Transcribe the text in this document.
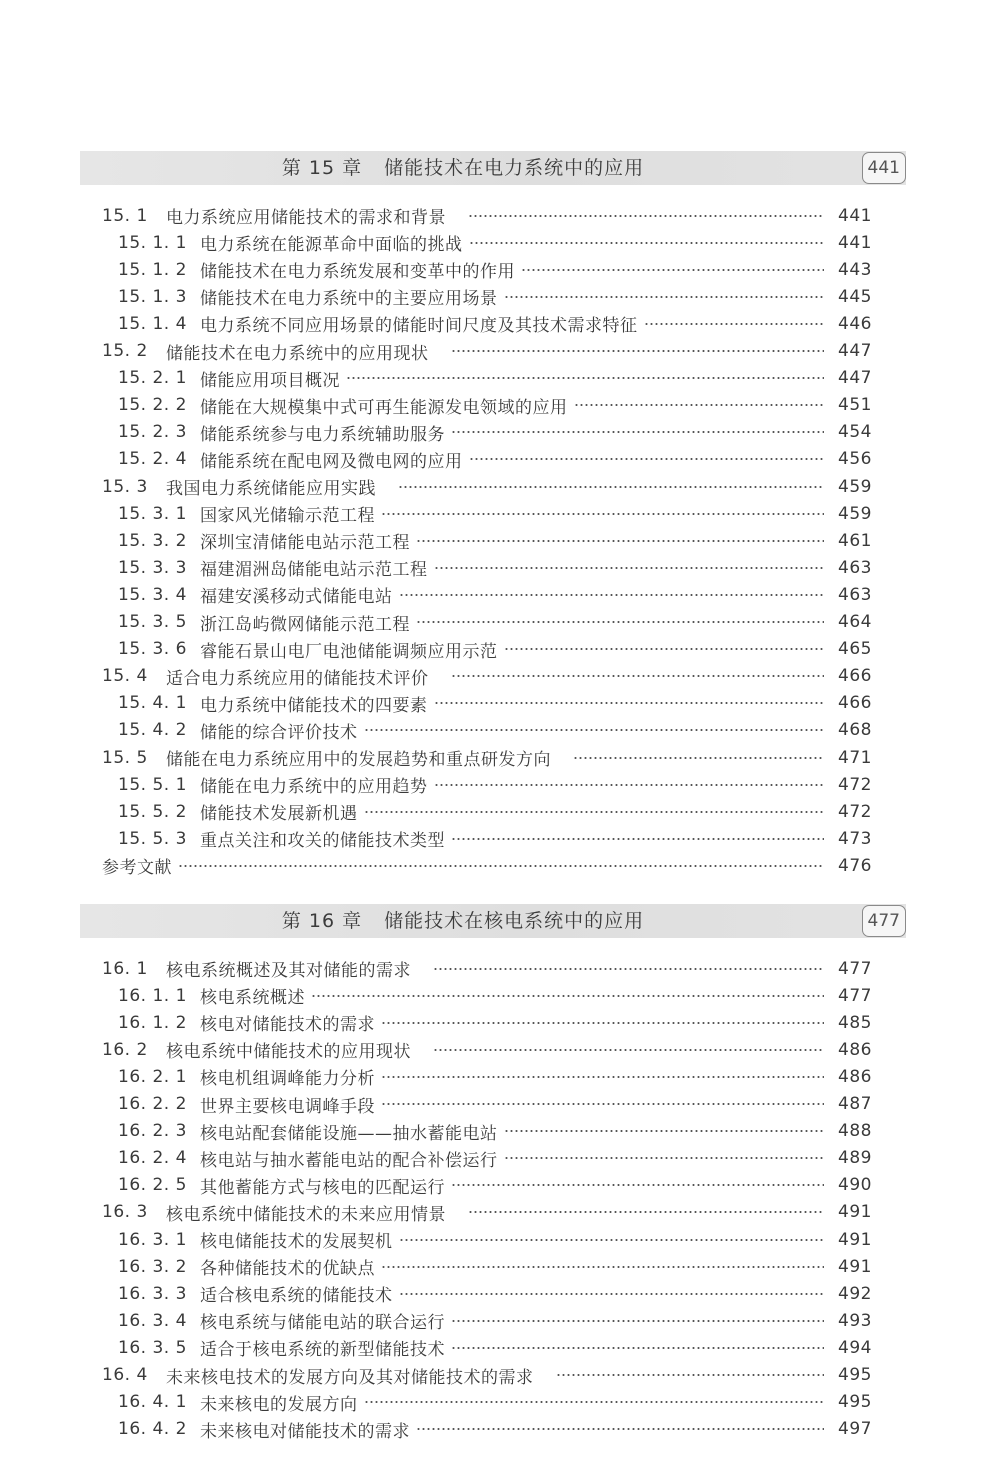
第 15 章 储能技术在电力系统中的应用	441
15. 1	电力系统应用储能技术的需求和背景	441
15. 1. 1 电力系统在能源革命中面临的挑战	441
15. 1. 2 储能技术在电力系统发展和变革中的作用	443
15. 1. 3 储能技术在电力系统中的主要应用场景	445
15. 1. 4 电力系统不同应用场景的储能时间尺度及其技术需求特征	446
15. 2	储能技术在电力系统中的应用现状	447
15. 2. 1 储能应用项目概况	447
15. 2. 2 储能在大规模集中式可再生能源发电领域的应用	451
15. 2. 3 储能系统参与电力系统辅助服务	454
15. 2. 4 储能系统在配电网及微电网的应用	456
15. 3	我国电力系统储能应用实践	459
15. 3. 1 国家风光储输示范工程	459
15. 3. 2 深圳宝清储能电站示范工程	461
15. 3. 3 福建湄洲岛储能电站示范工程	463
15. 3. 4 福建安溪移动式储能电站	463
15. 3. 5 浙江岛屿微网储能示范工程	464
15. 3. 6 睿能石景山电厂电池储能调频应用示范	465
15. 4	适合电力系统应用的储能技术评价	466
15. 4. 1 电力系统中储能技术的四要素	466
15. 4. 2 储能的综合评价技术	468
15. 5	储能在电力系统应用中的发展趋势和重点研发方向	471
15. 5. 1 储能在电力系统中的应用趋势	472
15. 5. 2 储能技术发展新机遇	472
15. 5. 3 重点关注和攻关的储能技术类型	473
参考文献	476
第 16 章 储能技术在核电系统中的应用	477
16. 1	核电系统概述及其对储能的需求	477
16. 1. 1 核电系统概述	477
16. 1. 2 核电对储能技术的需求	485
16. 2	核电系统中储能技术的应用现状	486
16. 2. 1 核电机组调峰能力分析	486
16. 2. 2 世界主要核电调峰手段	487
16. 2. 3 核电站配套储能设施——抽水蓄能电站	488
16. 2. 4 核电站与抽水蓄能电站的配合补偿运行	489
16. 2. 5 其他蓄能方式与核电的匹配运行	490
16. 3	核电系统中储能技术的未来应用情景	491
16. 3. 1 核电储能技术的发展契机	491
16. 3. 2 各种储能技术的优缺点	491
16. 3. 3 适合核电系统的储能技术	492
16. 3. 4 核电系统与储能电站的联合运行	493
16. 3. 5 适合于核电系统的新型储能技术	494
16. 4	未来核电技术的发展方向及其对储能技术的需求	495
16. 4. 1 未来核电的发展方向	495
16. 4. 2 未来核电对储能技术的需求	497
